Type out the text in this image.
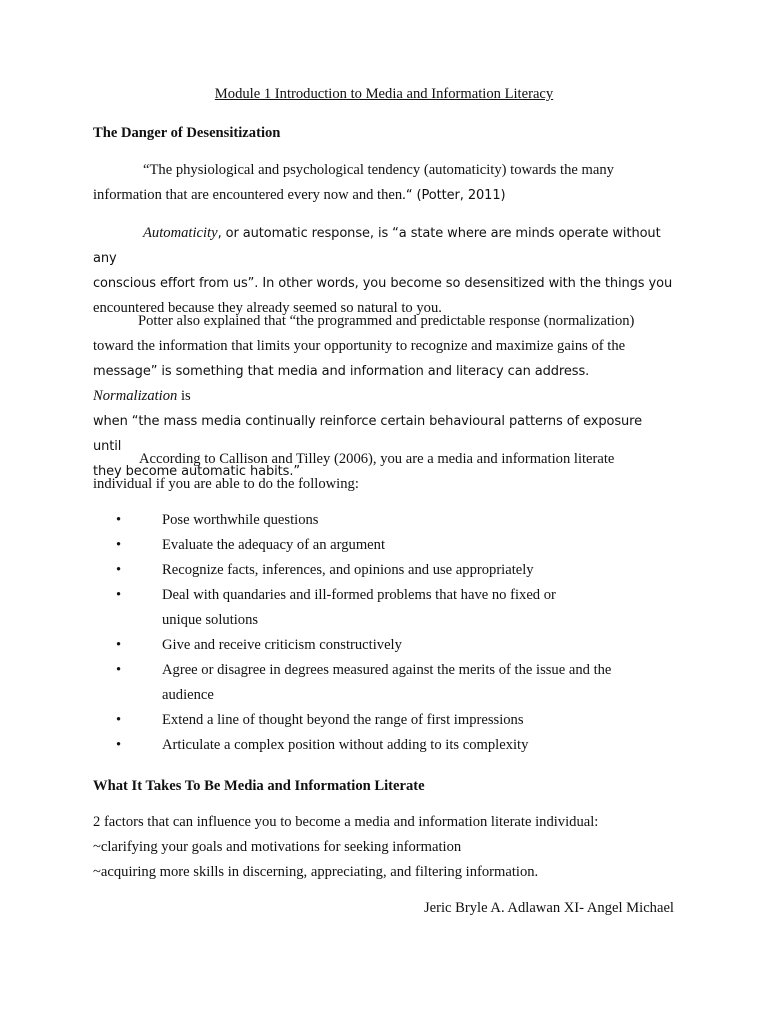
Module 1 Introduction to Media and Information Literacy
The Danger of Desensitization

“The physiological and psychological tendency (automaticity) towards the many
information that are encountered every now and then.“ (Potter, 2011)

Automaticity, or automatic response, is “a state where are minds operate without any
conscious effort from us”. In other words, you become so desensitized with the things you
encountered because they already seemed so natural to you.

Potter also explained that “the programmed and predictable response (normalization)
toward the information that limits your opportunity to recognize and maximize gains of the
message” is something that media and information and literacy can address. Normalization is
when “the mass media continually reinforce certain behavioural patterns of exposure until
they become automatic habits.”

According to Callison and Tilley (2006), you are a media and information literate
individual if you are able to do the following:

•	Pose worthwhile questions
•	Evaluate the adequacy of an argument
•	Recognize facts, inferences, and opinions and use appropriately
•	Deal with quandaries and ill-formed problems that have no fixed or unique solutions
•	Give and receive criticism constructively
•	Agree or disagree in degrees measured against the merits of the issue and the audience
•	Extend a line of thought beyond the range of first impressions
•	Articulate a complex position without adding to its complexity
What It Takes To Be Media and Information Literate

2 factors that can influence you to become a media and information literate individual:
~clarifying your goals and motivations for seeking information
~acquiring more skills in discerning, appreciating, and filtering information.

Jeric Bryle A. Adlawan XI- Angel Michael
